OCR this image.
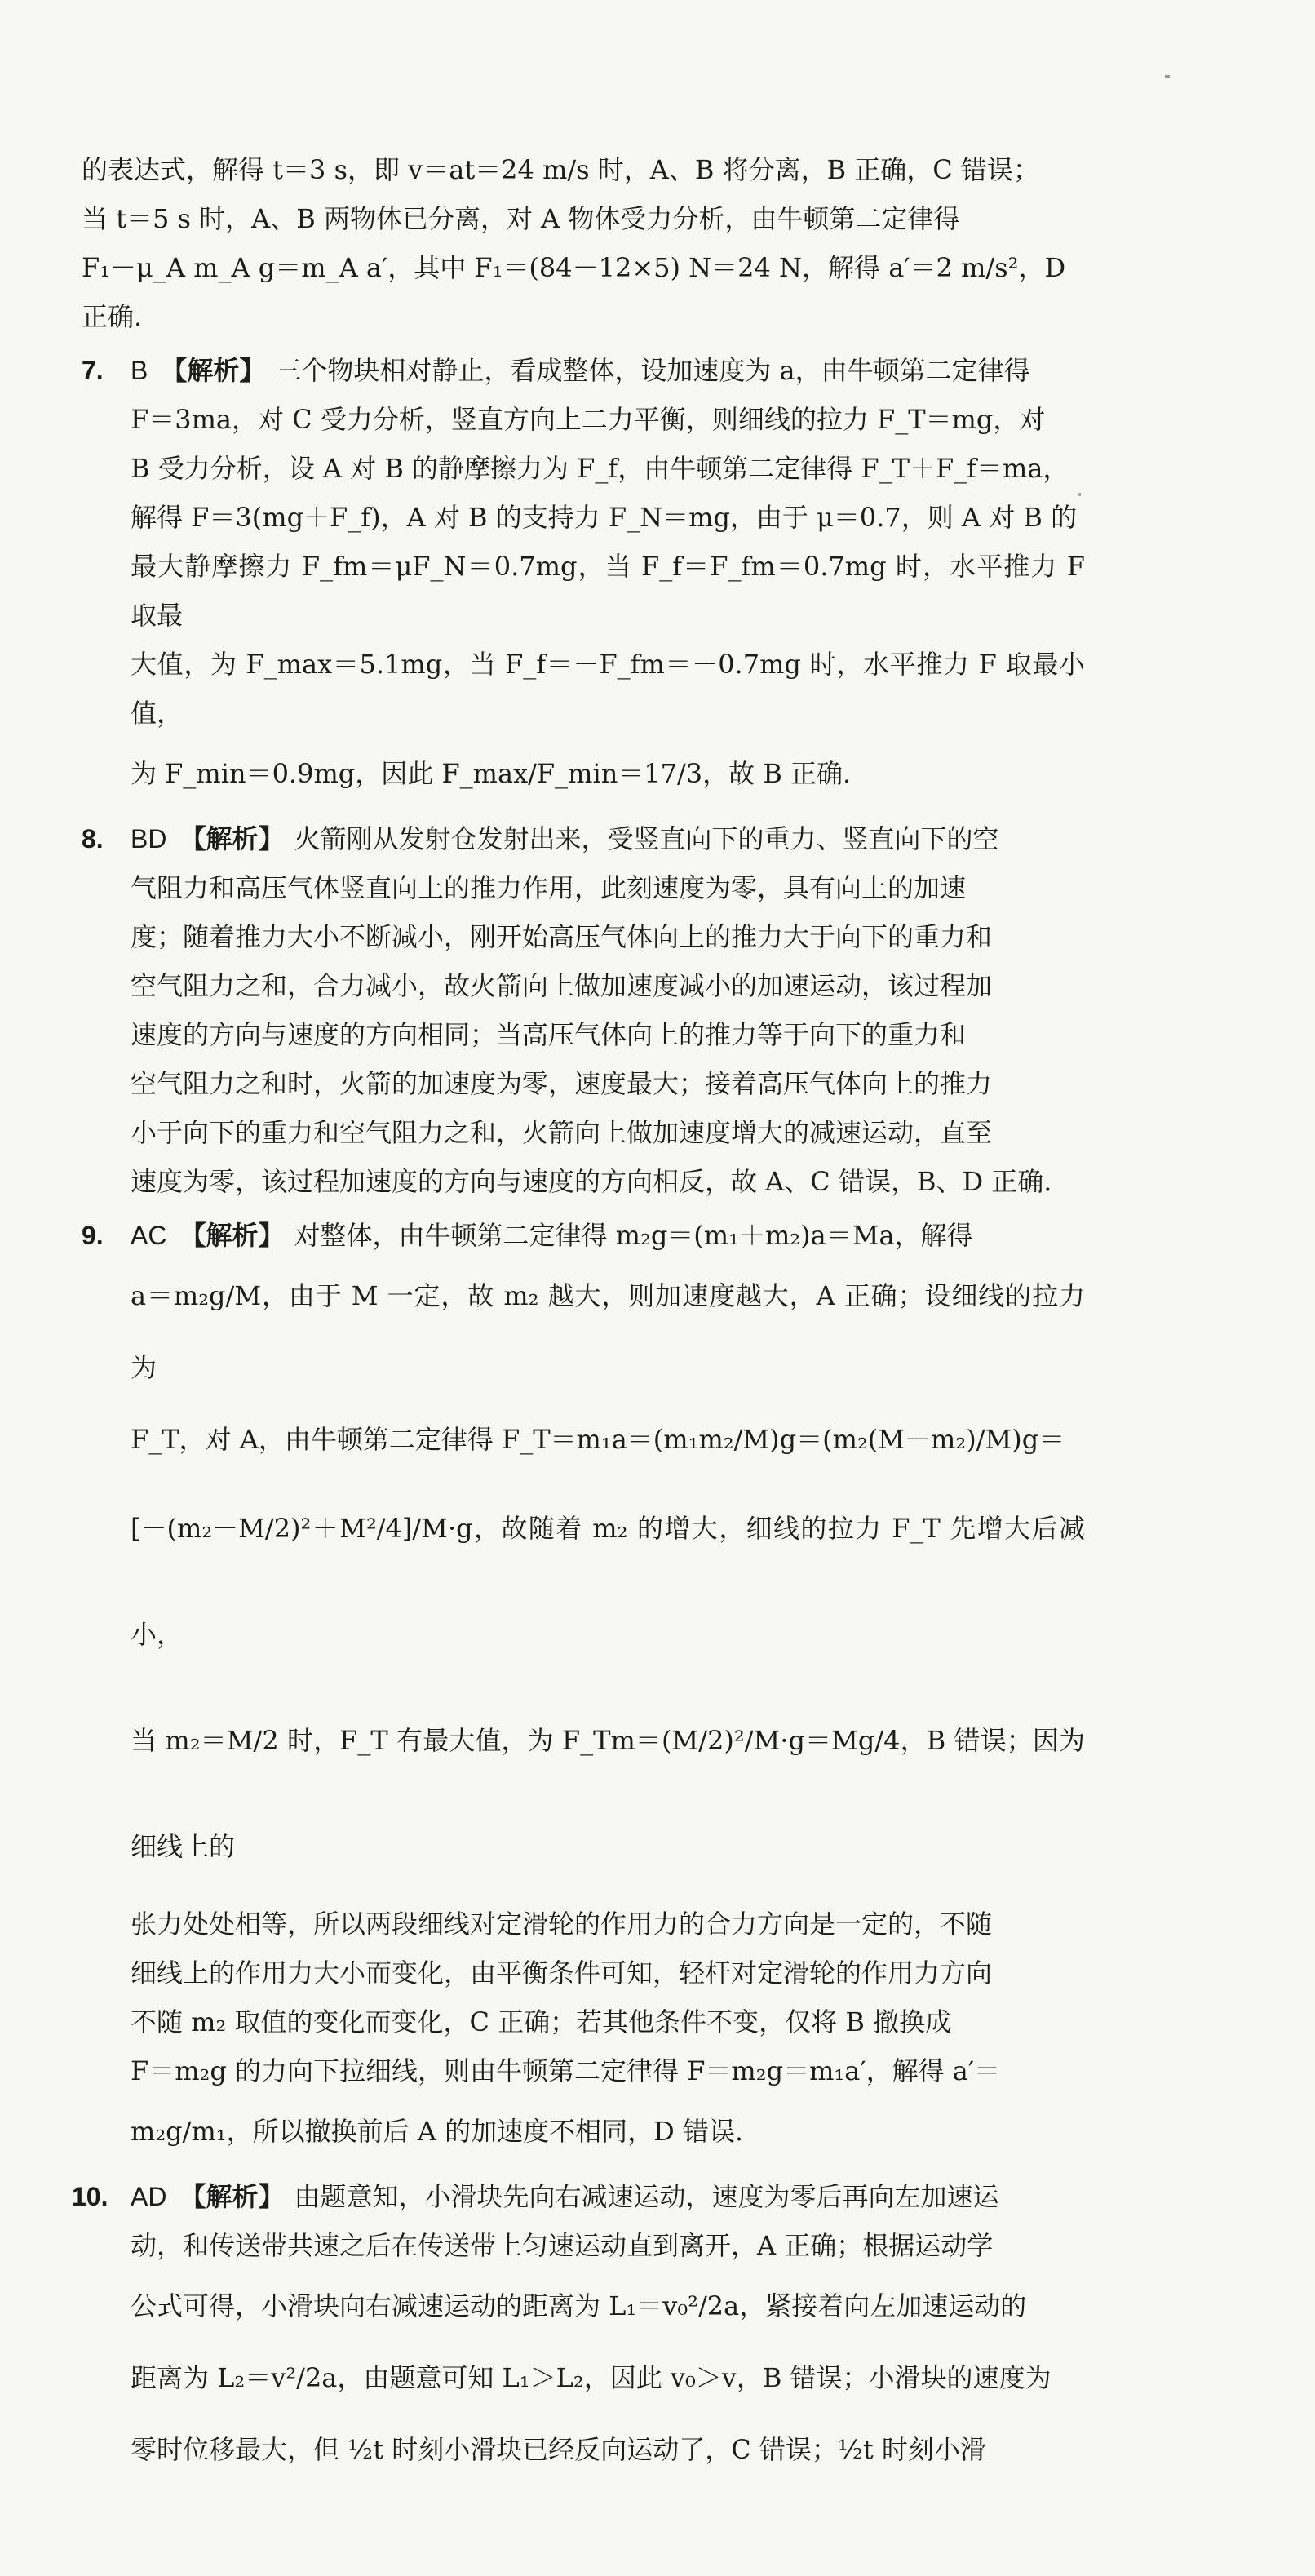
的表达式，解得 t＝3 s，即 v＝at＝24 m/s 时，A、B 将分离，B 正确，C 错误；
当 t＝5 s 时，A、B 两物体已分离，对 A 物体受力分析，由牛顿第二定律得
F₁－μ_A m_A g＝m_A a′，其中 F₁＝(84－12×5) N＝24 N，解得 a′＝2 m/s²，D
正确.
7. B 【解析】 三个物块相对静止，看成整体，设加速度为 a，由牛顿第二定律得
F＝3ma，对 C 受力分析，竖直方向上二力平衡，则细线的拉力 F_T＝mg，对
B 受力分析，设 A 对 B 的静摩擦力为 F_f，由牛顿第二定律得 F_T＋F_f＝ma，
解得 F＝3(mg＋F_f)，A 对 B 的支持力 F_N＝mg，由于 μ＝0.7，则 A 对 B 的
最大静摩擦力 F_fm＝μF_N＝0.7mg，当 F_f＝F_fm＝0.7mg 时，水平推力 F 取最
大值，为 F_max＝5.1mg，当 F_f＝－F_fm＝－0.7mg 时，水平推力 F 取最小值，
为 F_min＝0.9mg，因此 F_max/F_min＝17/3，故 B 正确.
8. BD 【解析】 火箭刚从发射仓发射出来，受竖直向下的重力、竖直向下的空
气阻力和高压气体竖直向上的推力作用，此刻速度为零，具有向上的加速
度；随着推力大小不断减小，刚开始高压气体向上的推力大于向下的重力和
空气阻力之和，合力减小，故火箭向上做加速度减小的加速运动，该过程加
速度的方向与速度的方向相同；当高压气体向上的推力等于向下的重力和
空气阻力之和时，火箭的加速度为零，速度最大；接着高压气体向上的推力
小于向下的重力和空气阻力之和，火箭向上做加速度增大的减速运动，直至
速度为零，该过程加速度的方向与速度的方向相反，故 A、C 错误，B、D 正确.
9. AC 【解析】 对整体，由牛顿第二定律得 m₂g＝(m₁＋m₂)a＝Ma，解得
a＝m₂g/M，由于 M 一定，故 m₂ 越大，则加速度越大，A 正确；设细线的拉力为
F_T，对 A，由牛顿第二定律得 F_T＝m₁a＝(m₁m₂/M)g＝(m₂(M－m₂)/M)g＝
[－(m₂－M/2)²＋M²/4]/M·g，故随着 m₂ 的增大，细线的拉力 F_T 先增大后减小，
当 m₂＝M/2 时，F_T 有最大值，为 F_Tm＝(M/2)²/M·g＝Mg/4，B 错误；因为细线上的
张力处处相等，所以两段细线对定滑轮的作用力的合力方向是一定的，不随
细线上的作用力大小而变化，由平衡条件可知，轻杆对定滑轮的作用力方向
不随 m₂ 取值的变化而变化，C 正确；若其他条件不变，仅将 B 撤换成
F＝m₂g 的力向下拉细线，则由牛顿第二定律得 F＝m₂g＝m₁a′，解得 a′＝
m₂g/m₁，所以撤换前后 A 的加速度不相同，D 错误.
10. AD 【解析】 由题意知，小滑块先向右减速运动，速度为零后再向左加速运
动，和传送带共速之后在传送带上匀速运动直到离开，A 正确；根据运动学
公式可得，小滑块向右减速运动的距离为 L₁＝v₀²/2a，紧接着向左加速运动的
距离为 L₂＝v²/2a，由题意可知 L₁＞L₂，因此 v₀＞v，B 错误；小滑块的速度为
零时位移最大，但 ½t 时刻小滑块已经反向运动了，C 错误；½t 时刻小滑
